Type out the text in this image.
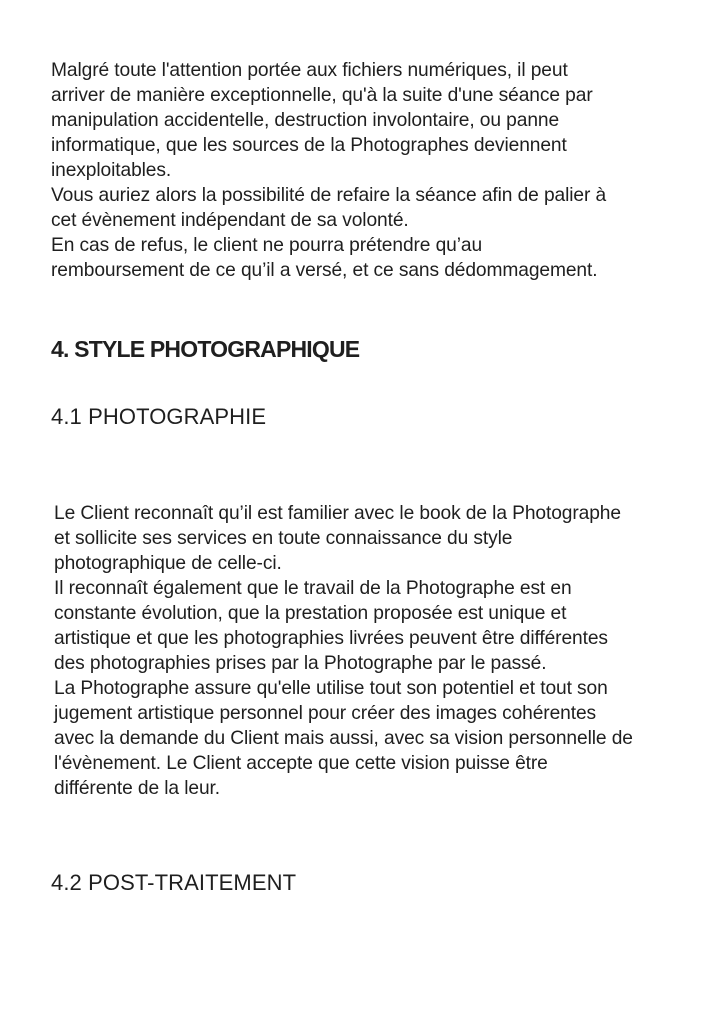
Malgré toute l'attention portée aux fichiers numériques, il peut
arriver de manière exceptionnelle, qu'à la suite d'une séance par
manipulation accidentelle, destruction involontaire, ou panne
informatique, que les sources de la Photographes deviennent
inexploitables.
Vous auriez alors la possibilité de refaire la séance afin de palier à
cet évènement indépendant de sa volonté.
En cas de refus, le client ne pourra prétendre qu’au
remboursement de ce qu’il a versé, et ce sans dédommagement.

4. STYLE PHOTOGRAPHIQUE
4.1 PHOTOGRAPHIE

Le Client reconnaît qu’il est familier avec le book de la Photographe
et sollicite ses services en toute connaissance du style
photographique de celle-ci.
Il reconnaît également que le travail de la Photographe est en
constante évolution, que la prestation proposée est unique et
artistique et que les photographies livrées peuvent être différentes
des photographies prises par la Photographe par le passé.
La Photographe assure qu'elle utilise tout son potentiel et tout son
jugement artistique personnel pour créer des images cohérentes
avec la demande du Client mais aussi, avec sa vision personnelle de
l'évènement. Le Client accepte que cette vision puisse être
différente de la leur.

4.2 POST-TRAITEMENT
